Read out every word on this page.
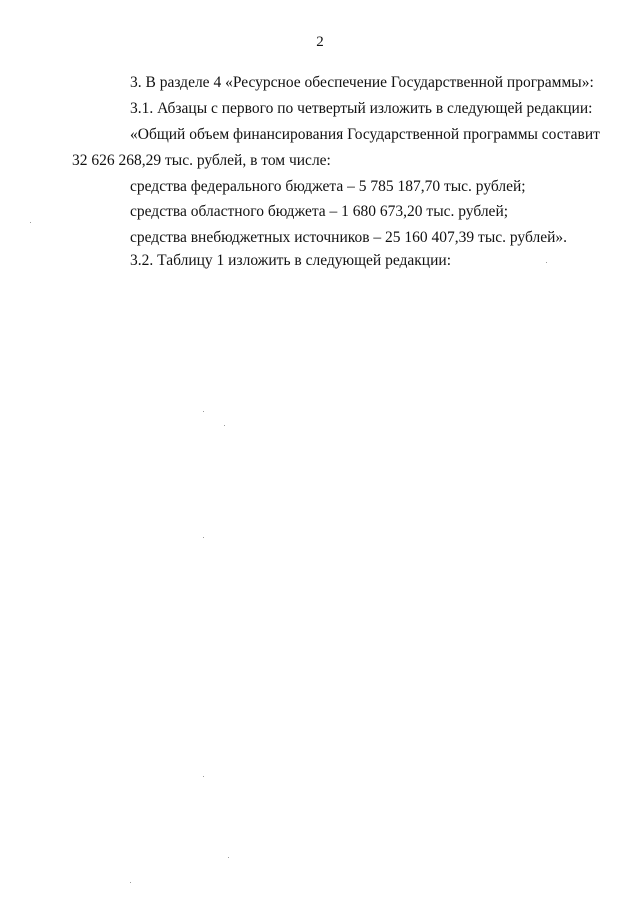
2
3. В разделе 4 «Ресурсное обеспечение Государственной программы»:
3.1. Абзацы с первого по четвертый изложить в следующей редакции:
«Общий объем финансирования Государственной программы составит
32 626 268,29 тыс. рублей, в том числе:
средства федерального бюджета – 5 785 187,70 тыс. рублей;
средства областного бюджета – 1 680 673,20 тыс. рублей;
средства внебюджетных источников – 25 160 407,39 тыс. рублей».
3.2. Таблицу 1 изложить в следующей редакции:
